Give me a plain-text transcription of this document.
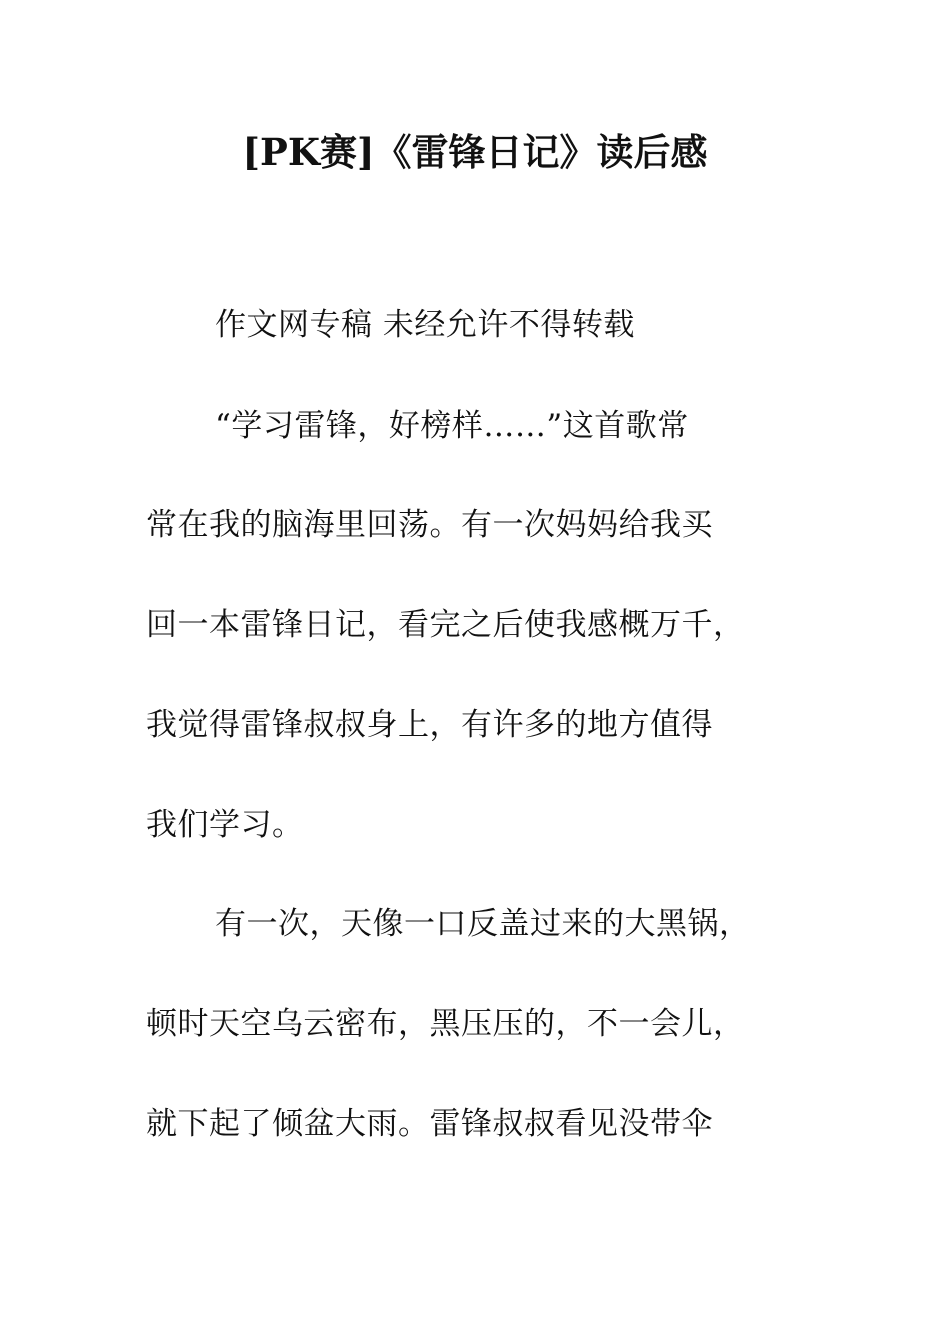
[PK赛]《雷锋日记》读后感
作文网专稿 未经允许不得转载
“学习雷锋，好榜样……”这首歌常
常在我的脑海里回荡。有一次妈妈给我买
回一本雷锋日记，看完之后使我感概万千，
我觉得雷锋叔叔身上，有许多的地方值得
我们学习。
有一次，天像一口反盖过来的大黑锅，
顿时天空乌云密布，黑压压的，不一会儿，
就下起了倾盆大雨。雷锋叔叔看见没带伞
